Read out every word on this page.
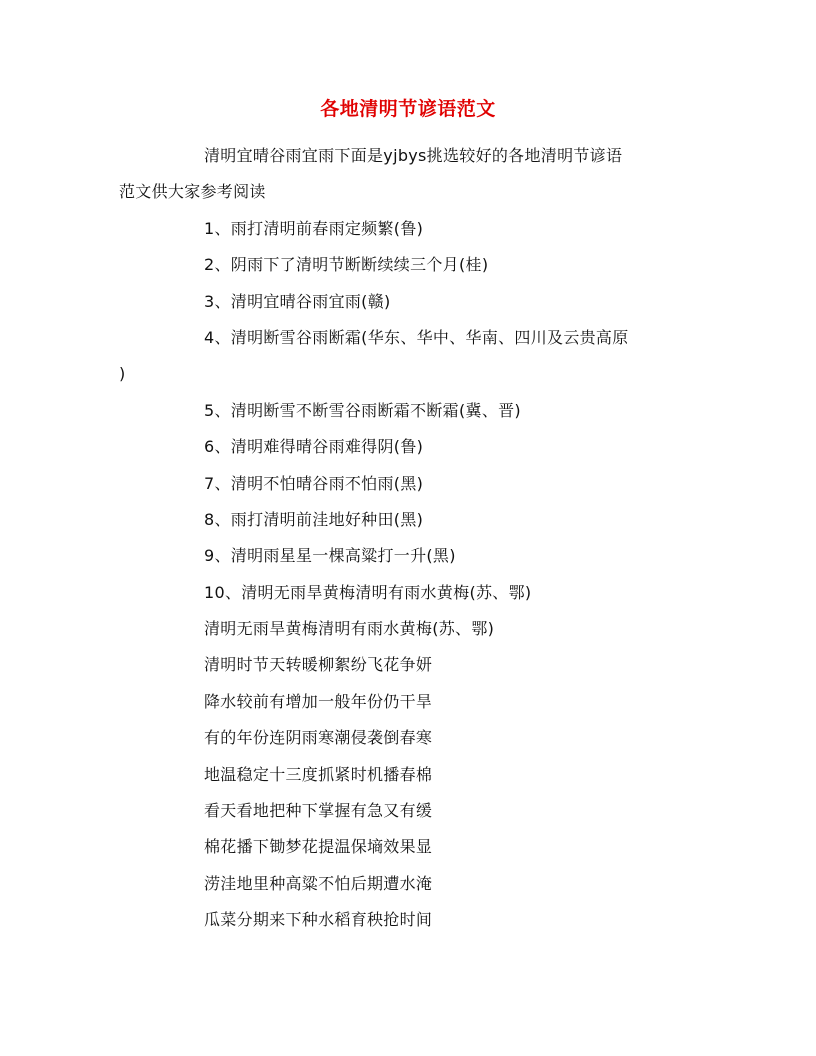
各地清明节谚语范文
清明宜晴谷雨宜雨下面是yjbys挑选较好的各地清明节谚语
范文供大家参考阅读
1、雨打清明前春雨定频繁(鲁)
2、阴雨下了清明节断断续续三个月(桂)
3、清明宜晴谷雨宜雨(赣)
4、清明断雪谷雨断霜(华东、华中、华南、四川及云贵高原
)
5、清明断雪不断雪谷雨断霜不断霜(冀、晋)
6、清明难得晴谷雨难得阴(鲁)
7、清明不怕晴谷雨不怕雨(黑)
8、雨打清明前洼地好种田(黑)
9、清明雨星星一棵高粱打一升(黑)
10、清明无雨旱黄梅清明有雨水黄梅(苏、鄂)
清明无雨旱黄梅清明有雨水黄梅(苏、鄂)
清明时节天转暖柳絮纷飞花争妍
降水较前有增加一般年份仍干旱
有的年份连阴雨寒潮侵袭倒春寒
地温稳定十三度抓紧时机播春棉
看天看地把种下掌握有急又有缓
棉花播下锄梦花提温保墒效果显
涝洼地里种高粱不怕后期遭水淹
瓜菜分期来下种水稻育秧抢时间
